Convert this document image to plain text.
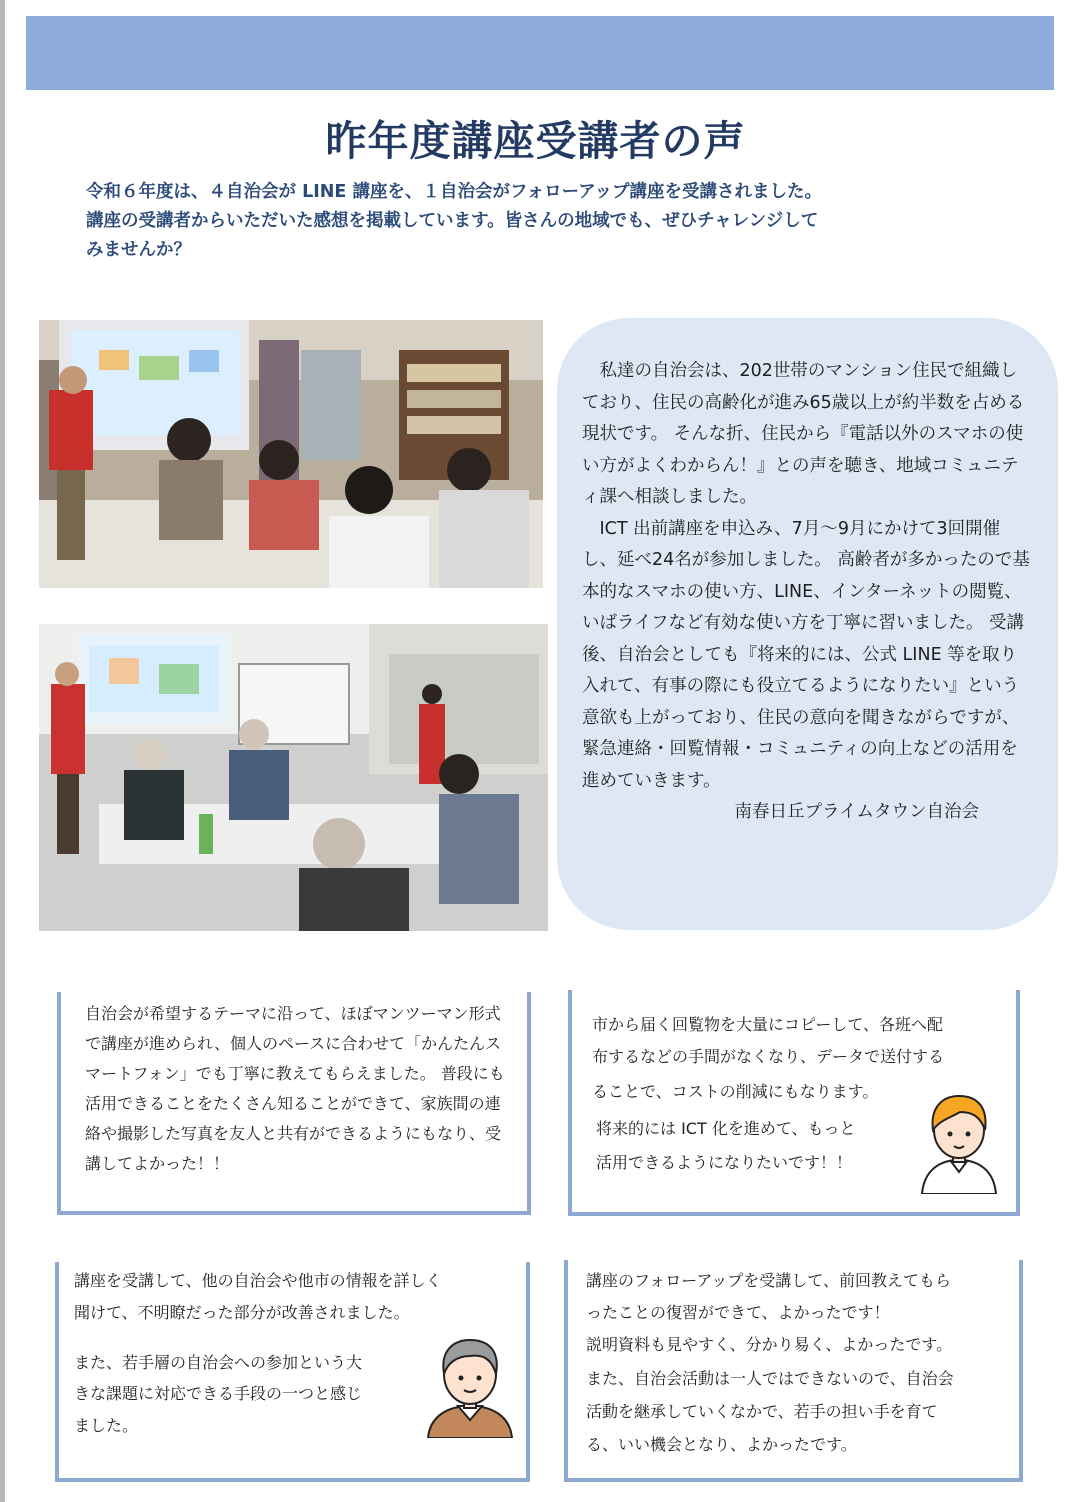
昨年度講座受講者の声

令和６年度は、４自治会が LINE 講座を、１自治会がフォローアップ講座を受講されました。

講座の受講者からいただいた感想を掲載しています。皆さんの地域でも、ぜひチャレンジして

みませんか？

　私達の自治会は、202世帯のマンション住民で組織しており、住民の高齢化が進み65歳以上が約半数を占める現状です。 そんな折、住民から『電話以外のスマホの使い方がよくわからん！』との声を聴き、地域コミュニティ課へ相談しました。

　ICT 出前講座を申込み、7月～9月にかけて3回開催し、延べ24名が参加しました。 高齢者が多かったので基本的なスマホの使い方、LINE、インターネットの閲覧、いばライフなど有効な使い方を丁寧に習いました。 受講後、自治会としても『将来的には、公式 LINE 等を取り入れて、有事の際にも役立てるようになりたい』という意欲も上がっており、住民の意向を聞きながらですが、緊急連絡・回覧情報・コミュニティの向上などの活用を進めていきます。

南春日丘プライムタウン自治会

自治会が希望するテーマに沿って、ほぼマンツーマン形式で講座が進められ、個人のペースに合わせて「かんたんスマートフォン」でも丁寧に教えてもらえました。 普段にも活用できることをたくさん知ることができて、家族間の連絡や撮影した写真を友人と共有ができるようにもなり、受講してよかった！！

市から届く回覧物を大量にコピーして、各班へ配

布するなどの手間がなくなり、データで送付する

ることで、コストの削減にもなります。

将来的には ICT 化を進めて、もっと

活用できるようになりたいです！！

講座を受講して、他の自治会や他市の情報を詳しく

聞けて、不明瞭だった部分が改善されました。

また、若手層の自治会への参加という大

きな課題に対応できる手段の一つと感じ

ました。

講座のフォローアップを受講して、前回教えてもら

ったことの復習ができて、よかったです！

説明資料も見やすく、分かり易く、よかったです。

また、自治会活動は一人ではできないので、自治会

活動を継承していくなかで、若手の担い手を育て

る、いい機会となり、よかったです。
